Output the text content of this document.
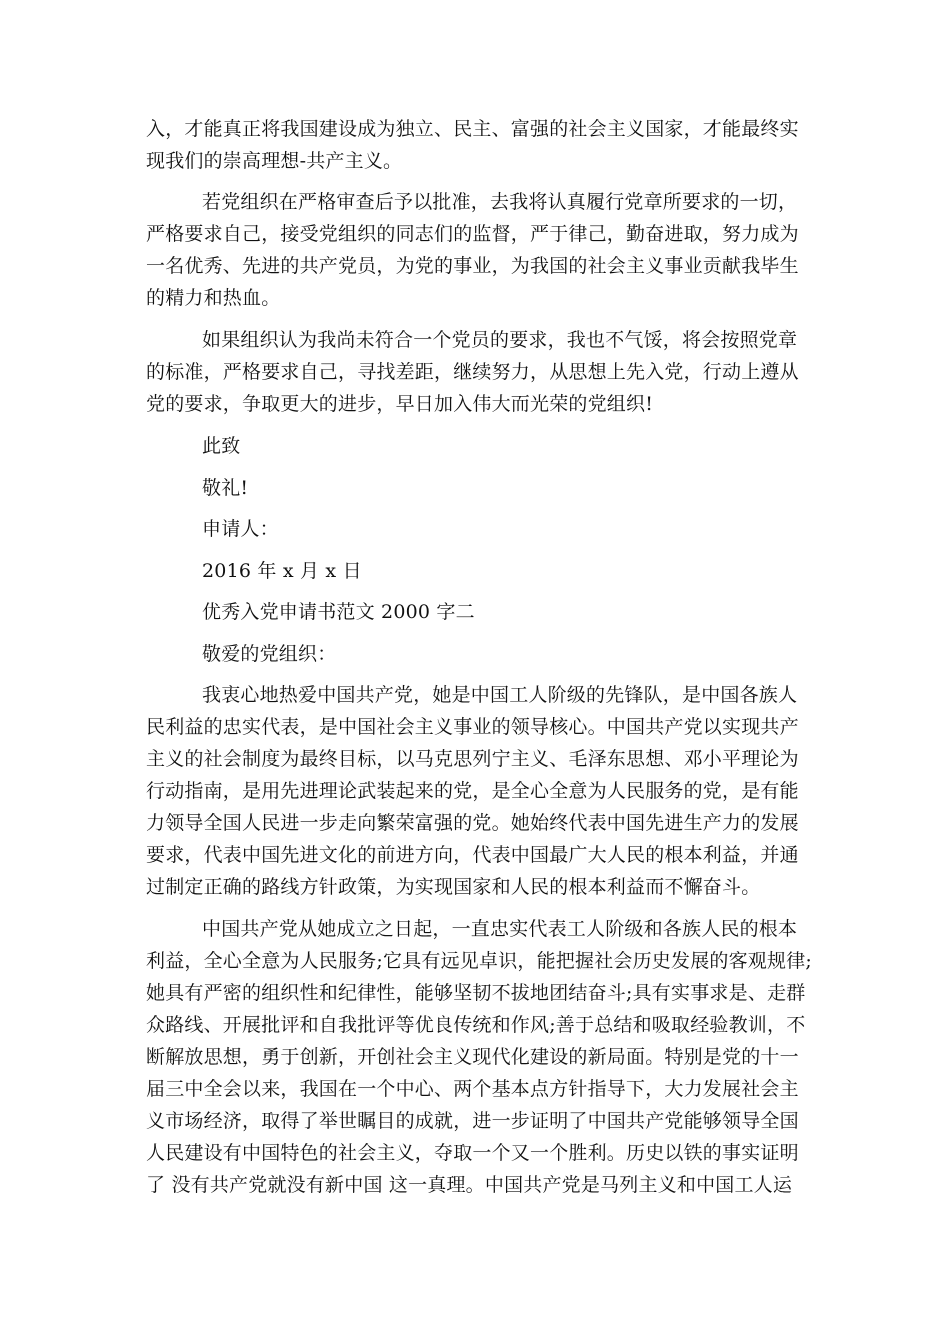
入，才能真正将我国建设成为独立、民主、富强的社会主义国家，才能最终实
现我们的崇高理想-共产主义。
若党组织在严格审查后予以批准，去我将认真履行党章所要求的一切，
严格要求自己，接受党组织的同志们的监督，严于律己，勤奋进取，努力成为
一名优秀、先进的共产党员，为党的事业，为我国的社会主义事业贡献我毕生
的精力和热血。
如果组织认为我尚未符合一个党员的要求，我也不气馁，将会按照党章
的标准，严格要求自己，寻找差距，继续努力，从思想上先入党，行动上遵从
党的要求，争取更大的进步，早日加入伟大而光荣的党组织!
此致
敬礼!
申请人：
2016 年 x 月 x 日
优秀入党申请书范文 2000 字二
敬爱的党组织：
我衷心地热爱中国共产党，她是中国工人阶级的先锋队，是中国各族人
民利益的忠实代表，是中国社会主义事业的领导核心。中国共产党以实现共产
主义的社会制度为最终目标，以马克思列宁主义、毛泽东思想、邓小平理论为
行动指南，是用先进理论武装起来的党，是全心全意为人民服务的党，是有能
力领导全国人民进一步走向繁荣富强的党。她始终代表中国先进生产力的发展
要求，代表中国先进文化的前进方向，代表中国最广大人民的根本利益，并通
过制定正确的路线方针政策，为实现国家和人民的根本利益而不懈奋斗。
中国共产党从她成立之日起，一直忠实代表工人阶级和各族人民的根本
利益，全心全意为人民服务;它具有远见卓识，能把握社会历史发展的客观规律;
她具有严密的组织性和纪律性，能够坚韧不拔地团结奋斗;具有实事求是、走群
众路线、开展批评和自我批评等优良传统和作风;善于总结和吸取经验教训，不
断解放思想，勇于创新，开创社会主义现代化建设的新局面。特别是党的十一
届三中全会以来，我国在一个中心、两个基本点方针指导下，大力发展社会主
义市场经济，取得了举世瞩目的成就，进一步证明了中国共产党能够领导全国
人民建设有中国特色的社会主义，夺取一个又一个胜利。历史以铁的事实证明
了 没有共产党就没有新中国 这一真理。中国共产党是马列主义和中国工人运
